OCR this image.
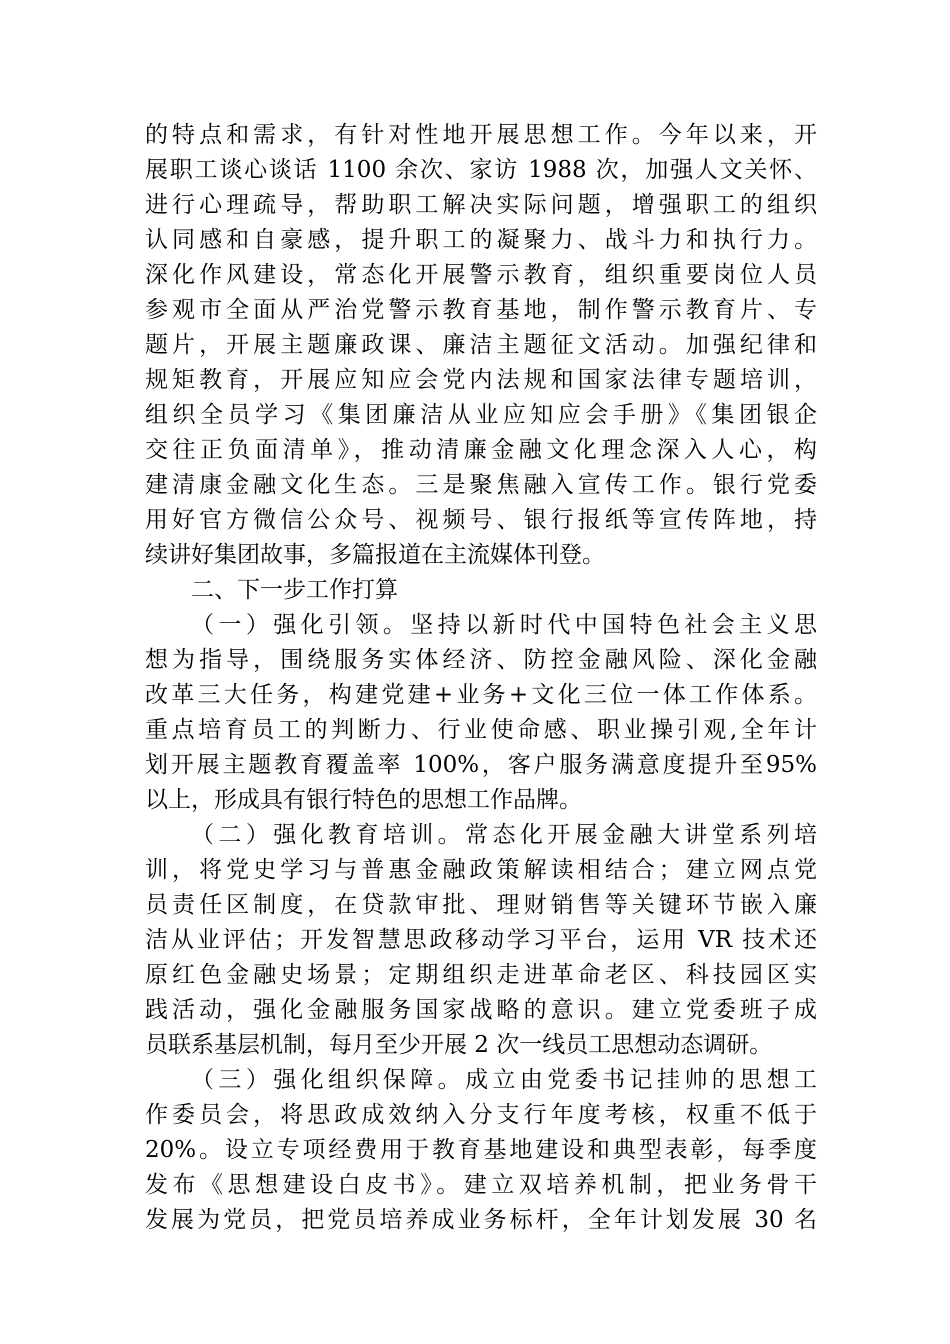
的特点和需求，有针对性地开展思想工作。今年以来，开
展职工谈心谈话 1100 余次、家访 1988 次，加强人文关怀、
进行心理疏导，帮助职工解决实际问题，增强职工的组织
认同感和自豪感，提升职工的凝聚力、战斗力和执行力。
深化作风建设，常态化开展警示教育，组织重要岗位人员
参观市全面从严治党警示教育基地，制作警示教育片、专
题片，开展主题廉政课、廉洁主题征文活动。加强纪律和
规矩教育，开展应知应会党内法规和国家法律专题培训，
组织全员学习《集团廉洁从业应知应会手册》《集团银企
交往正负面清单》，推动清廉金融文化理念深入人心，构
建清康金融文化生态。三是聚焦融入宣传工作。银行党委
用好官方微信公众号、视频号、银行报纸等宣传阵地，持
续讲好集团故事，多篇报道在主流媒体刊登。
二、下一步工作打算
（一）强化引领。坚持以新时代中国特色社会主义思
想为指导，围绕服务实体经济、防控金融风险、深化金融
改革三大任务，构建党建+业务+文化三位一体工作体系。
重点培育员工的判断力、行业使命感、职业操引观,全年计
划开展主题教育覆盖率 100%，客户服务满意度提升至95%
以上，形成具有银行特色的思想工作品牌。
（二）强化教育培训。常态化开展金融大讲堂系列培
训，将党史学习与普惠金融政策解读相结合；建立网点党
员责任区制度，在贷款审批、理财销售等关键环节嵌入廉
洁从业评估；开发智慧思政移动学习平台，运用 VR 技术还
原红色金融史场景；定期组织走进革命老区、科技园区实
践活动，强化金融服务国家战略的意识。建立党委班子成
员联系基层机制，每月至少开展 2 次一线员工思想动态调研。
（三）强化组织保障。成立由党委书记挂帅的思想工
作委员会，将思政成效纳入分支行年度考核，权重不低于
20%。设立专项经费用于教育基地建设和典型表彰，每季度
发布《思想建设白皮书》。建立双培养机制，把业务骨干
发展为党员，把党员培养成业务标杆，全年计划发展 30 名
